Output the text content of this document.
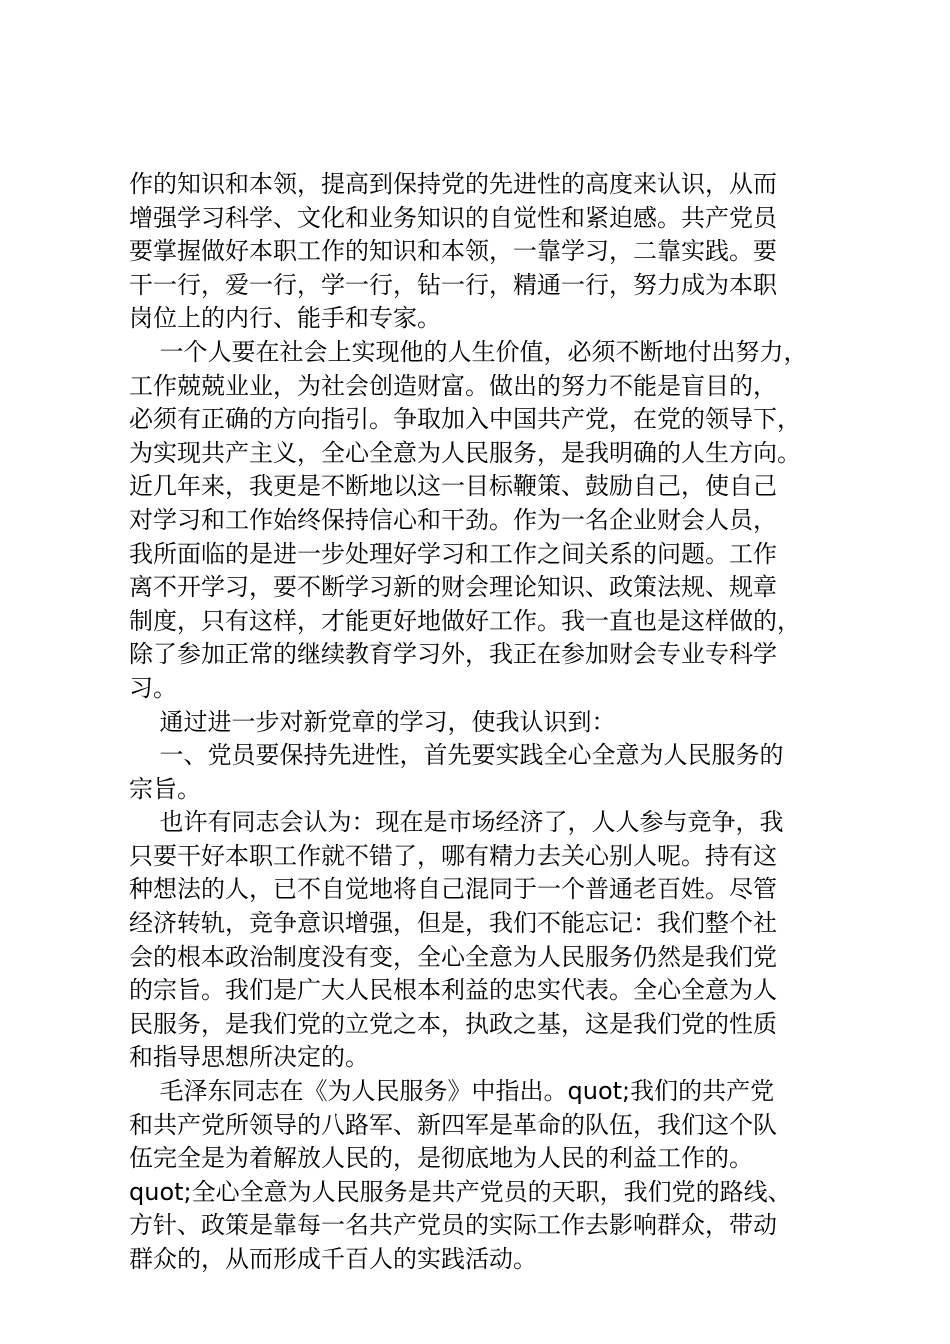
作的知识和本领，提高到保持党的先进性的高度来认识，从而
增强学习科学、文化和业务知识的自觉性和紧迫感。共产党员
要掌握做好本职工作的知识和本领，一靠学习，二靠实践。要
干一行，爱一行，学一行，钻一行，精通一行，努力成为本职
岗位上的内行、能手和专家。
一个人要在社会上实现他的人生价值，必须不断地付出努力，
工作兢兢业业，为社会创造财富。做出的努力不能是盲目的，
必须有正确的方向指引。争取加入中国共产党，在党的领导下，
为实现共产主义，全心全意为人民服务，是我明确的人生方向。
近几年来，我更是不断地以这一目标鞭策、鼓励自己，使自己
对学习和工作始终保持信心和干劲。作为一名企业财会人员，
我所面临的是进一步处理好学习和工作之间关系的问题。工作
离不开学习，要不断学习新的财会理论知识、政策法规、规章
制度，只有这样，才能更好地做好工作。我一直也是这样做的，
除了参加正常的继续教育学习外，我正在参加财会专业专科学
习。
通过进一步对新党章的学习，使我认识到：
一、党员要保持先进性，首先要实践全心全意为人民服务的
宗旨。
也许有同志会认为：现在是市场经济了，人人参与竞争，我
只要干好本职工作就不错了，哪有精力去关心别人呢。持有这
种想法的人，已不自觉地将自己混同于一个普通老百姓。尽管
经济转轨，竞争意识增强，但是，我们不能忘记：我们整个社
会的根本政治制度没有变，全心全意为人民服务仍然是我们党
的宗旨。我们是广大人民根本利益的忠实代表。全心全意为人
民服务，是我们党的立党之本，执政之基，这是我们党的性质
和指导思想所决定的。
毛泽东同志在《为人民服务》中指出。quot;我们的共产党
和共产党所领导的八路军、新四军是革命的队伍，我们这个队
伍完全是为着解放人民的，是彻底地为人民的利益工作的。
quot;全心全意为人民服务是共产党员的天职，我们党的路线、
方针、政策是靠每一名共产党员的实际工作去影响群众，带动
群众的，从而形成千百人的实践活动。
